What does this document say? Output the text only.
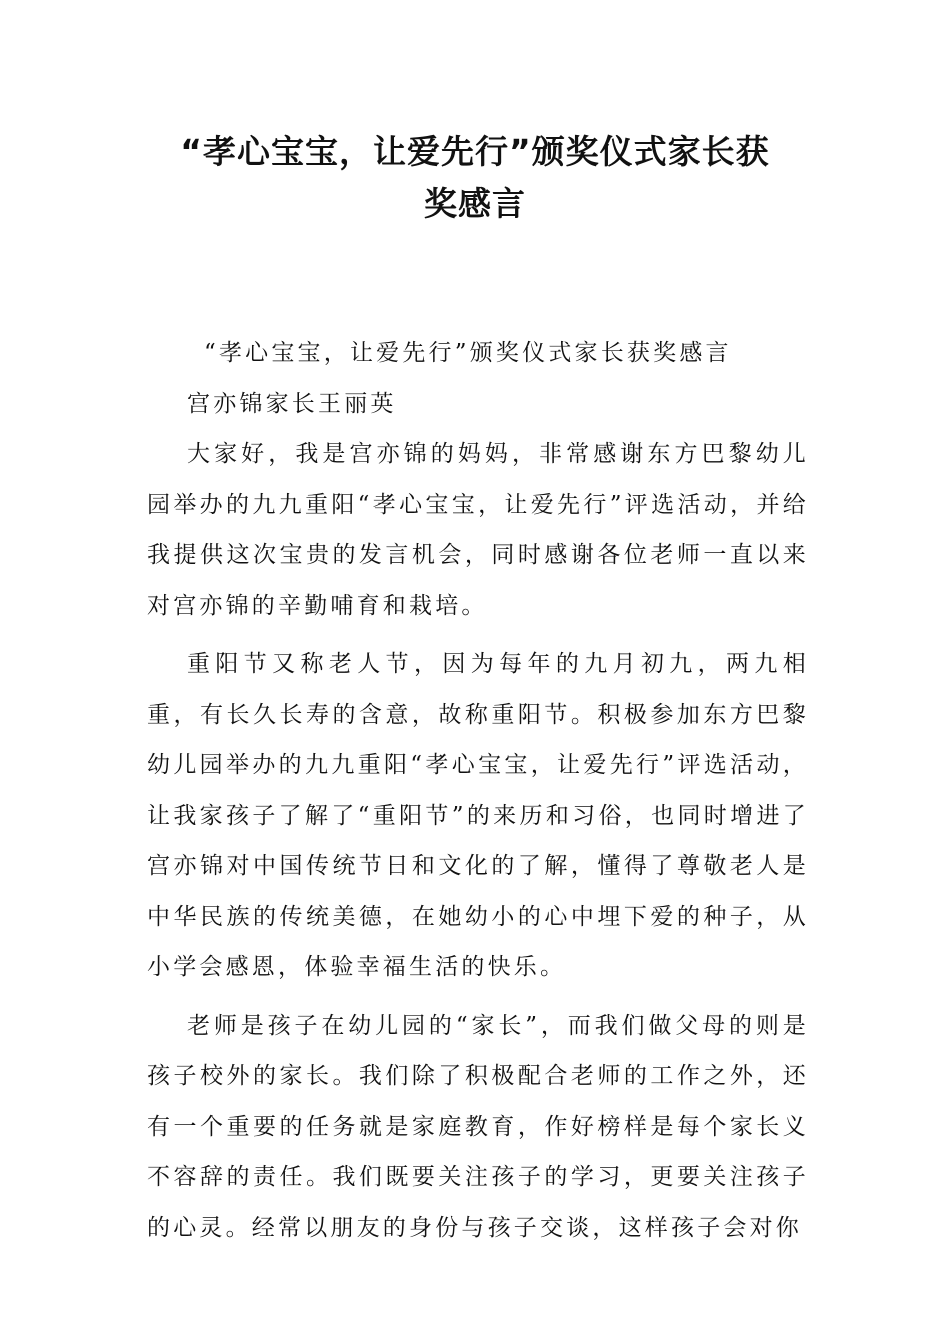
“孝心宝宝，让爱先行”颁奖仪式家长获
奖感言

“孝心宝宝，让爱先行”颁奖仪式家长获奖感言

宫亦锦家长王丽英

大家好，我是宫亦锦的妈妈，非常感谢东方巴黎幼儿园举办的九九重阳“孝心宝宝，让爱先行”评选活动，并给我提供这次宝贵的发言机会，同时感谢各位老师一直以来对宫亦锦的辛勤哺育和栽培。

重阳节又称老人节，因为每年的九月初九，两九相重，有长久长寿的含意，故称重阳节。积极参加东方巴黎幼儿园举办的九九重阳“孝心宝宝，让爱先行”评选活动，让我家孩子了解了“重阳节”的来历和习俗，也同时增进了宫亦锦对中国传统节日和文化的了解，懂得了尊敬老人是中华民族的传统美德，在她幼小的心中埋下爱的种子，从小学会感恩，体验幸福生活的快乐。

老师是孩子在幼儿园的“家长”，而我们做父母的则是孩子校外的家长。我们除了积极配合老师的工作之外，还有一个重要的任务就是家庭教育，作好榜样是每个家长义不容辞的责任。我们既要关注孩子的学习，更要关注孩子的心灵。经常以朋友的身份与孩子交谈，这样孩子会对你
